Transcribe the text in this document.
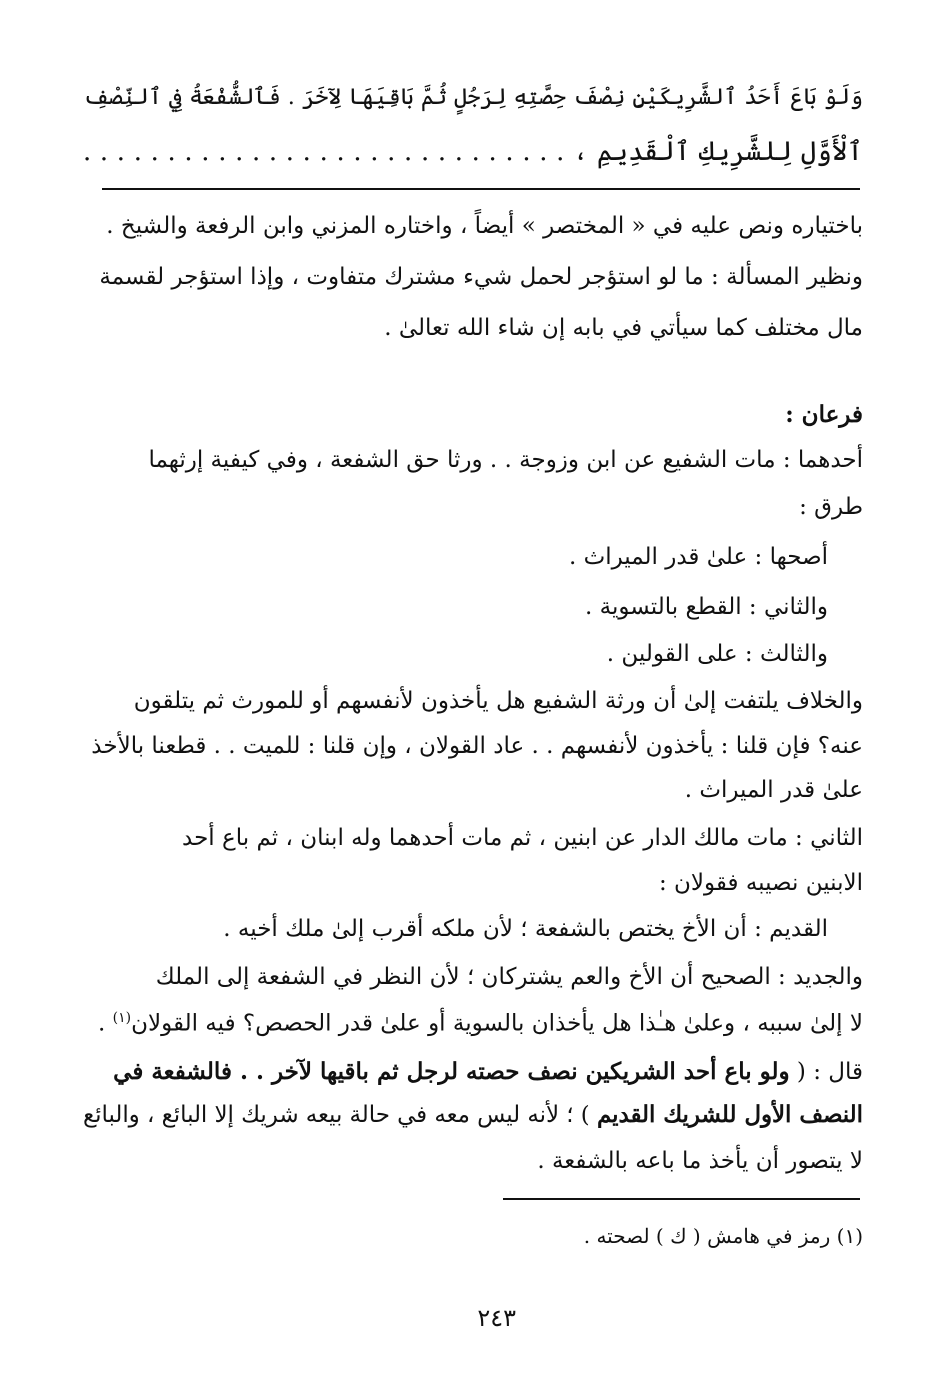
وَلَوْ بَاعَ أَحَدُ ٱلشَّرِيكَيْنِ نِصْفَ حِصَّتِهِ لِرَجُلٍ ثُمَّ بَاقِيَهَا لِآخَرَ . فَٱلشُّفْعَةُ فِي ٱلنِّصْفِ
ٱلْأَوَّلِ لِلشَّرِيكِ ٱلْقَدِيمِ ، . . . . . . . . . . . . . . . . . . . . . . . . . . . . .
باختياره ونص عليه في « المختصر » أيضاً ، واختاره المزني وابن الرفعة والشيخ .
ونظير المسألة : ما لو استؤجر لحمل شيء مشترك متفاوت ، وإذا استؤجر لقسمة
مال مختلف كما سيأتي في بابه إن شاء الله تعالىٰ .
فرعان :
أحدهما : مات الشفيع عن ابن وزوجة . . ورثا حق الشفعة ، وفي كيفية إرثهما
طرق :
أصحها : علىٰ قدر الميراث .
والثاني : القطع بالتسوية .
والثالث : على القولين .
والخلاف يلتفت إلىٰ أن ورثة الشفيع هل يأخذون لأنفسهم أو للمورث ثم يتلقون
عنه؟ فإن قلنا : يأخذون لأنفسهم . . عاد القولان ، وإن قلنا : للميت . . قطعنا بالأخذ
علىٰ قدر الميراث .
الثاني : مات مالك الدار عن ابنين ، ثم مات أحدهما وله ابنان ، ثم باع أحد
الابنين نصيبه فقولان :
القديم : أن الأخ يختص بالشفعة ؛ لأن ملكه أقرب إلىٰ ملك أخيه .
والجديد : الصحيح أن الأخ والعم يشتركان ؛ لأن النظر في الشفعة إلى الملك
لا إلىٰ سببه ، وعلىٰ هـٰذا هل يأخذان بالسوية أو علىٰ قدر الحصص؟ فيه القولان$^{(١)}$ .
قال : ( ولو باع أحد الشريكين نصف حصته لرجل ثم باقيها لآخر . . فالشفعة في
النصف الأول للشريك القديم ) ؛ لأنه ليس معه في حالة بيعه شريك إلا البائع ، والبائع
لا يتصور أن يأخذ ما باعه بالشفعة .
(١) رمز في هامش ( ك ) لصحته .
٢٤٣
